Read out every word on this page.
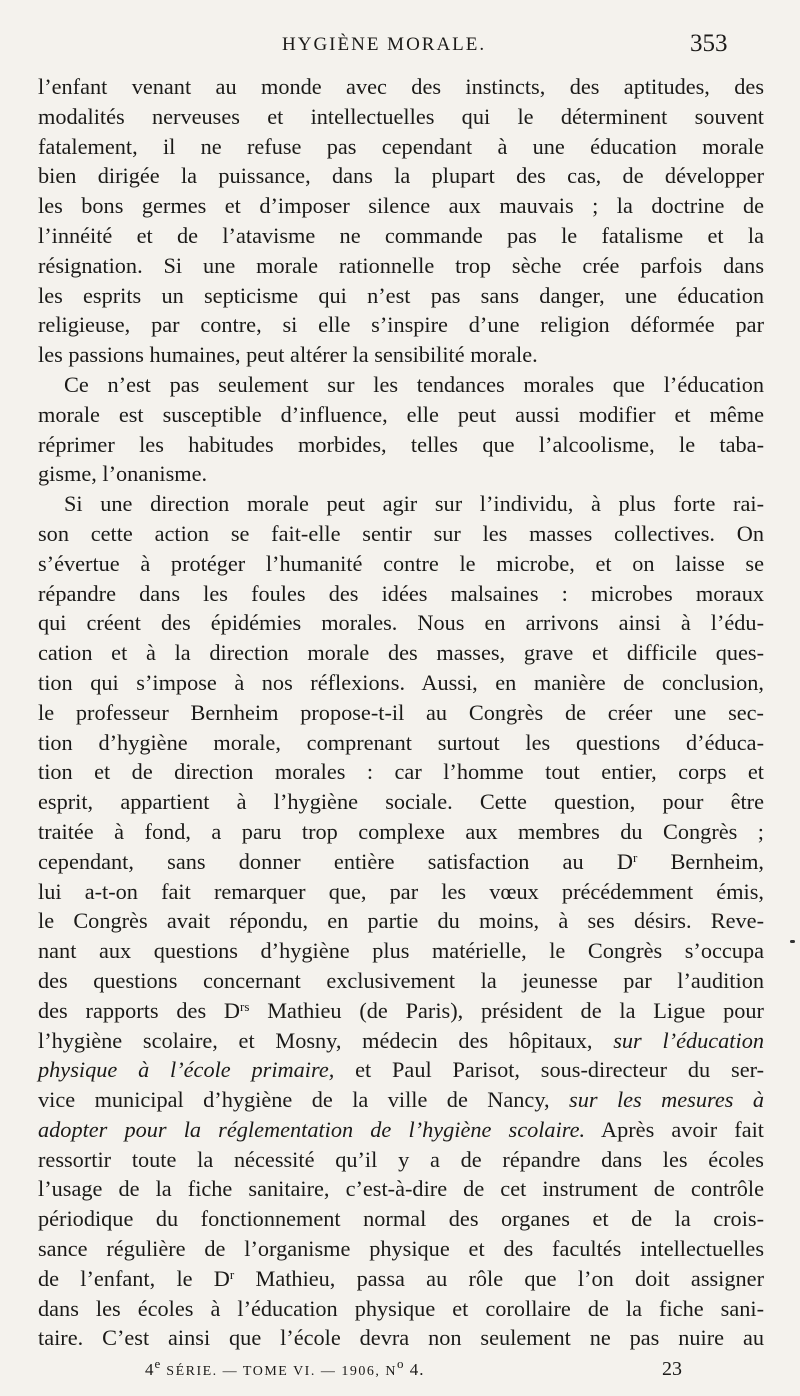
HYGIÈNE MORALE.	353
l’enfant venant au monde avec des instincts, des aptitudes, des
modalités nerveuses et intellectuelles qui le déterminent souvent
fatalement, il ne refuse pas cependant à une éducation morale
bien dirigée la puissance, dans la plupart des cas, de développer
les bons germes et d’imposer silence aux mauvais ; la doctrine de
l’innéité et de l’atavisme ne commande pas le fatalisme et la
résignation. Si une morale rationnelle trop sèche crée parfois dans
les esprits un septicisme qui n’est pas sans danger, une éducation
religieuse, par contre, si elle s’inspire d’une religion déformée par
les passions humaines, peut altérer la sensibilité morale.
Ce n’est pas seulement sur les tendances morales que l’éducation
morale est susceptible d’influence, elle peut aussi modifier et même
réprimer les habitudes morbides, telles que l’alcoolisme, le taba-
gisme, l’onanisme.
Si une direction morale peut agir sur l’individu, à plus forte rai-
son cette action se fait-elle sentir sur les masses collectives. On
s’évertue à protéger l’humanité contre le microbe, et on laisse se
répandre dans les foules des idées malsaines : microbes moraux
qui créent des épidémies morales. Nous en arrivons ainsi à l’édu-
cation et à la direction morale des masses, grave et difficile ques-
tion qui s’impose à nos réflexions. Aussi, en manière de conclusion,
le professeur Bernheim propose-t-il au Congrès de créer une sec-
tion d’hygiène morale, comprenant surtout les questions d’éduca-
tion et de direction morales : car l’homme tout entier, corps et
esprit, appartient à l’hygiène sociale. Cette question, pour être
traitée à fond, a paru trop complexe aux membres du Congrès ;
cependant, sans donner entière satisfaction au $D^r$ Bernheim,
lui a-t-on fait remarquer que, par les vœux précédemment émis,
le Congrès avait répondu, en partie du moins, à ses désirs. Reve-
nant aux questions d’hygiène plus matérielle, le Congrès s’occupa
des questions concernant exclusivement la jeunesse par l’audition
des rapports des $D^{rs}$ Mathieu (de Paris), président de la Ligue pour
l’hygiène scolaire, et Mosny, médecin des hôpitaux, sur l’éducation
physique à l’école primaire, et Paul Parisot, sous-directeur du ser-
vice municipal d’hygiène de la ville de Nancy, sur les mesures à
adopter pour la réglementation de l’hygiène scolaire. Après avoir fait
ressortir toute la nécessité qu’il y a de répandre dans les écoles
l’usage de la fiche sanitaire, c’est-à-dire de cet instrument de contrôle
périodique du fonctionnement normal des organes et de la crois-
sance régulière de l’organisme physique et des facultés intellectuelles
de l’enfant, le $D^r$ Mathieu, passa au rôle que l’on doit assigner
dans les écoles à l’éducation physique et corollaire de la fiche sani-
taire. C’est ainsi que l’école devra non seulement ne pas nuire au
4e SÉRIE. — TOME VI. — 1906, $N^o$ 4.	23
